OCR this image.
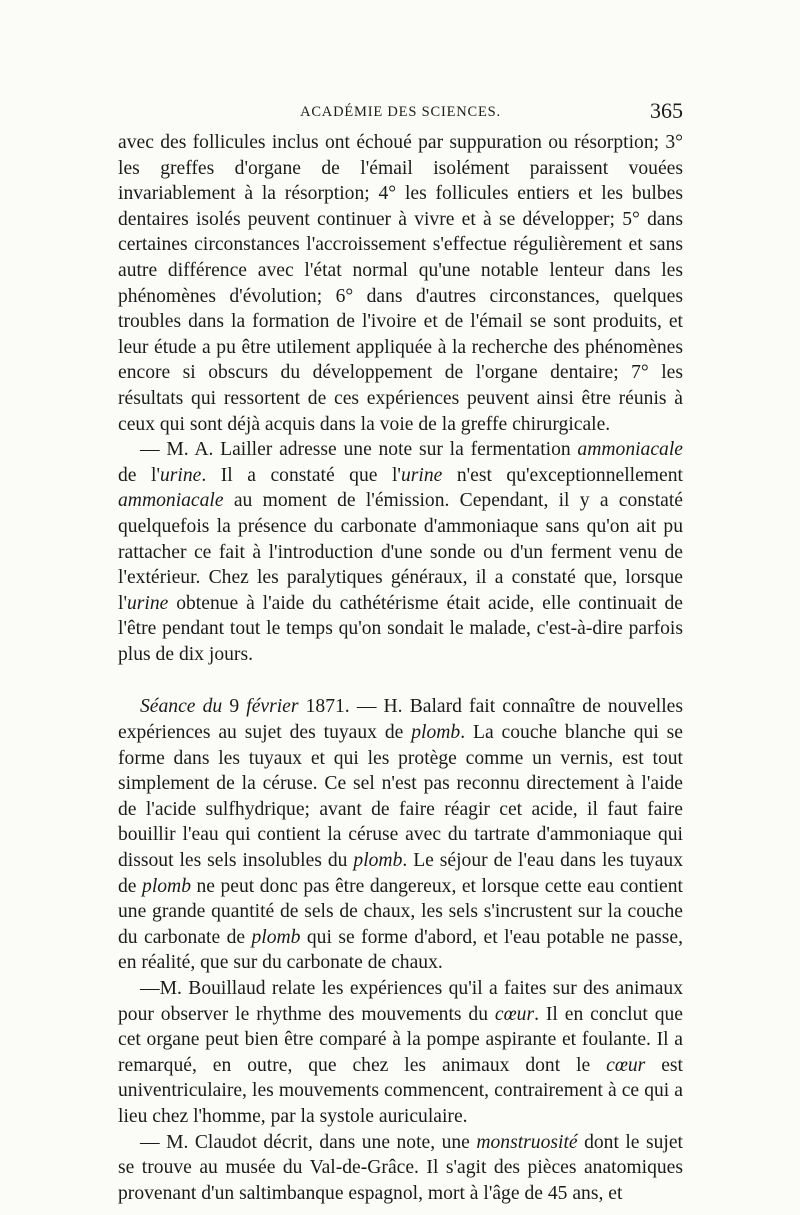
ACADÉMIE DES SCIENCES.	365

avec des follicules inclus ont échoué par suppuration ou résorption; 3° les greffes d'organe de l'émail isolément paraissent vouées invariablement à la résorption; 4° les follicules entiers et les bulbes dentaires isolés peuvent continuer à vivre et à se développer; 5° dans certaines circonstances l'accroissement s'effectue régulièrement et sans autre différence avec l'état normal qu'une notable lenteur dans les phénomènes d'évolution; 6° dans d'autres circonstances, quelques troubles dans la formation de l'ivoire et de l'émail se sont produits, et leur étude a pu être utilement appliquée à la recherche des phénomènes encore si obscurs du développement de l'organe dentaire; 7° les résultats qui ressortent de ces expériences peuvent ainsi être réunis à ceux qui sont déjà acquis dans la voie de la greffe chirurgicale.

— M. A. Lailler adresse une note sur la fermentation ammoniacale de l'urine. Il a constaté que l'urine n'est qu'exceptionnellement ammoniacale au moment de l'émission. Cependant, il y a constaté quelquefois la présence du carbonate d'ammoniaque sans qu'on ait pu rattacher ce fait à l'introduction d'une sonde ou d'un ferment venu de l'extérieur. Chez les paralytiques généraux, il a constaté que, lorsque l'urine obtenue à l'aide du cathétérisme était acide, elle continuait de l'être pendant tout le temps qu'on sondait le malade, c'est-à-dire parfois plus de dix jours.

Séance du 9 février 1871. — H. Balard fait connaître de nouvelles expériences au sujet des tuyaux de plomb. La couche blanche qui se forme dans les tuyaux et qui les protège comme un vernis, est tout simplement de la céruse. Ce sel n'est pas reconnu directement à l'aide de l'acide sulfhydrique; avant de faire réagir cet acide, il faut faire bouillir l'eau qui contient la céruse avec du tartrate d'ammoniaque qui dissout les sels insolubles du plomb. Le séjour de l'eau dans les tuyaux de plomb ne peut donc pas être dangereux, et lorsque cette eau contient une grande quantité de sels de chaux, les sels s'incrustent sur la couche du carbonate de plomb qui se forme d'abord, et l'eau potable ne passe, en réalité, que sur du carbonate de chaux.

—M. Bouillaud relate les expériences qu'il a faites sur des animaux pour observer le rhythme des mouvements du cœur. Il en conclut que cet organe peut bien être comparé à la pompe aspirante et foulante. Il a remarqué, en outre, que chez les animaux dont le cœur est univentriculaire, les mouvements commencent, contrairement à ce qui a lieu chez l'homme, par la systole auriculaire.

— M. Claudot décrit, dans une note, une monstruosité dont le sujet se trouve au musée du Val-de-Grâce. Il s'agit des pièces anatomiques provenant d'un saltimbanque espagnol, mort à l'âge de 45 ans, et
